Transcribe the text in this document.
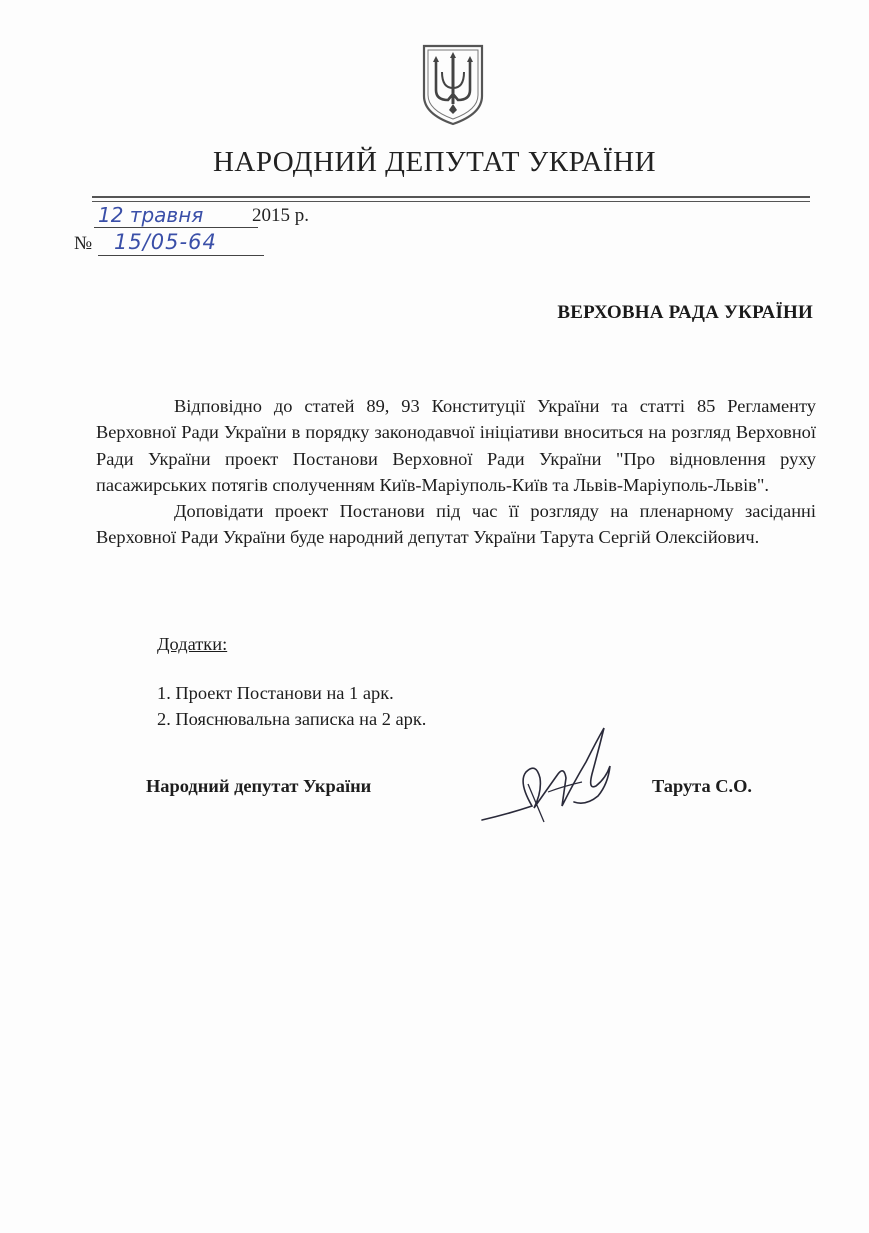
НАРОДНИЙ ДЕПУТАТ УКРАЇНИ
12 травня	2015 р.
№	15/05-64
ВЕРХОВНА РАДА УКРАЇНИ

Відповідно до статей 89, 93 Конституції України та статті 85 Регламенту Верховної Ради України в порядку законодавчої ініціативи вноситься на розгляд Верховної Ради України проект Постанови Верховної Ради України "Про відновлення руху пасажирських потягів сполученням Київ-Маріуполь-Київ та Львів-Маріуполь-Львів".

Доповідати проект Постанови під час її розгляду на пленарному засіданні Верховної Ради України буде народний депутат України Тарута Сергій Олексійович.

Додатки:
1. Проект Постанови на 1 арк.
2. Пояснювальна записка на 2 арк.
Народний депутат України	Тарута С.О.
